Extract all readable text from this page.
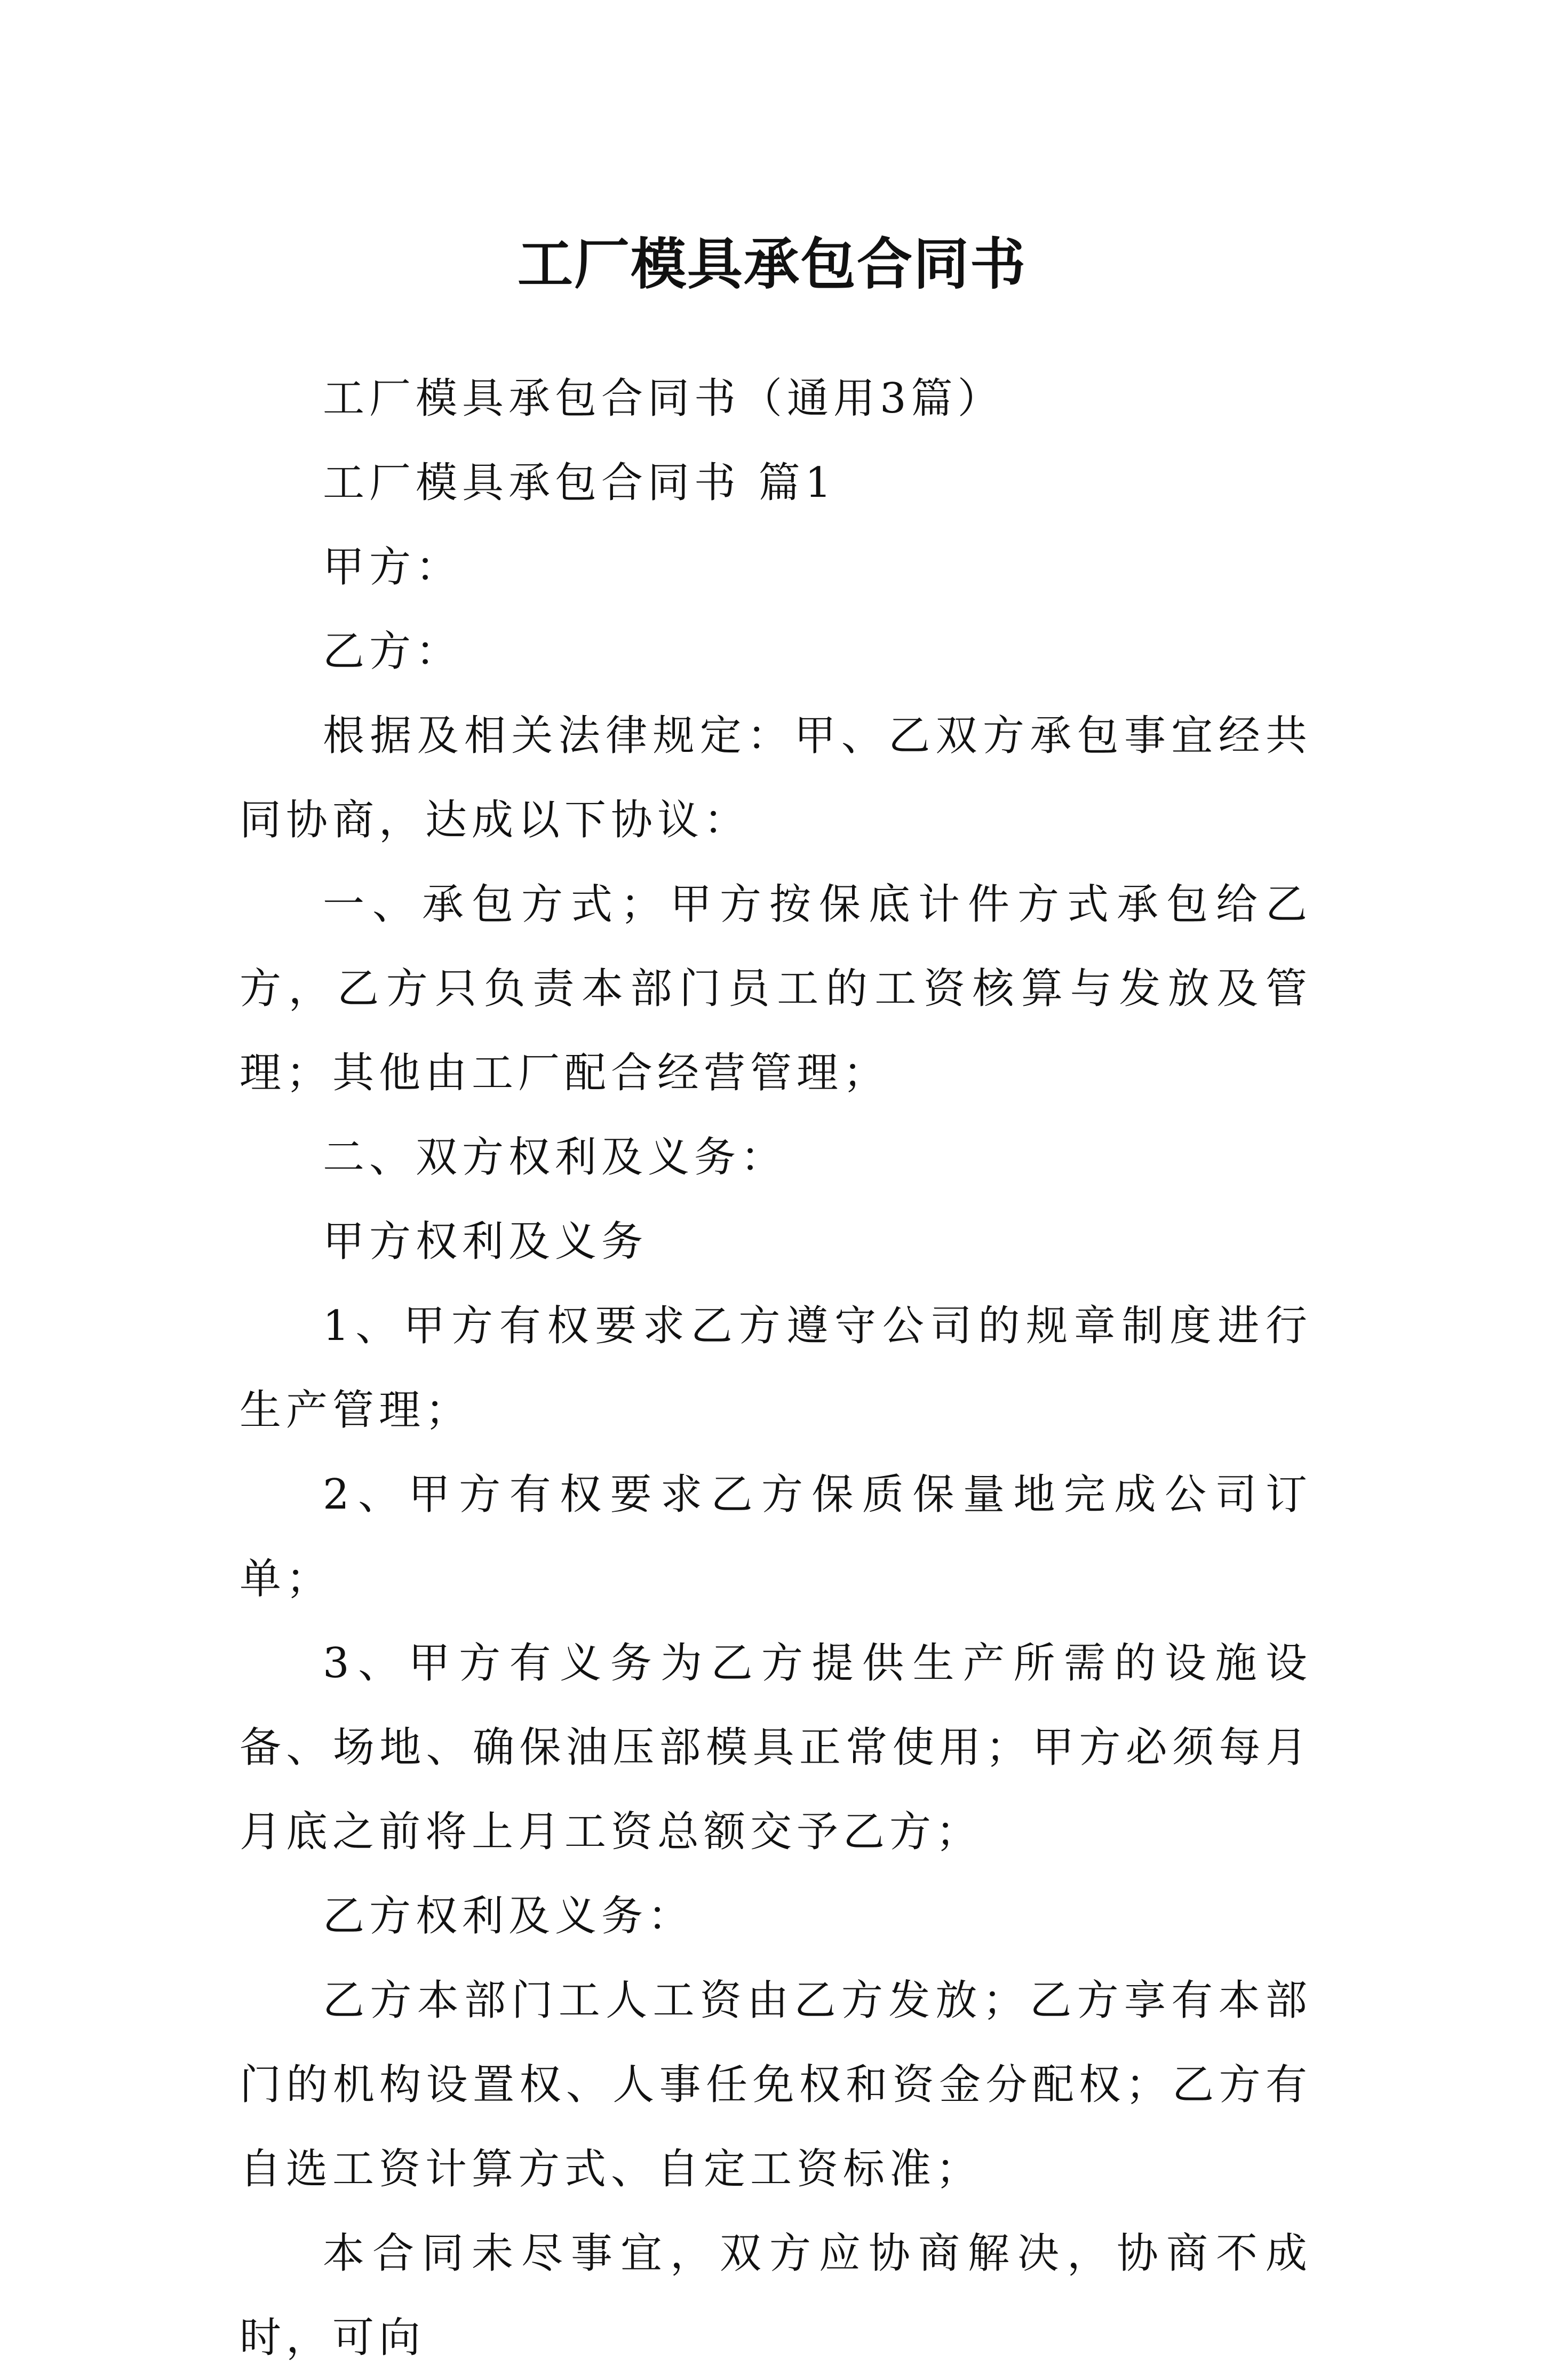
工厂模具承包合同书

工厂模具承包合同书（通用3篇）

工厂模具承包合同书 篇1

甲方：

乙方：

根据及相关法律规定：甲、乙双方承包事宜经共同协商，达成以下协议：

一、承包方式；甲方按保底计件方式承包给乙方，乙方只负责本部门员工的工资核算与发放及管理；其他由工厂配合经营管理；

二、双方权利及义务：

甲方权利及义务

1、甲方有权要求乙方遵守公司的规章制度进行生产管理；

2、甲方有权要求乙方保质保量地完成公司订单；

3、甲方有义务为乙方提供生产所需的设施设备、场地、确保油压部模具正常使用；甲方必须每月月底之前将上月工资总额交予乙方；

乙方权利及义务：

乙方本部门工人工资由乙方发放；乙方享有本部门的机构设置权、人事任免权和资金分配权；乙方有自选工资计算方式、自定工资标准；

本合同未尽事宜，双方应协商解决，协商不成时，可向
